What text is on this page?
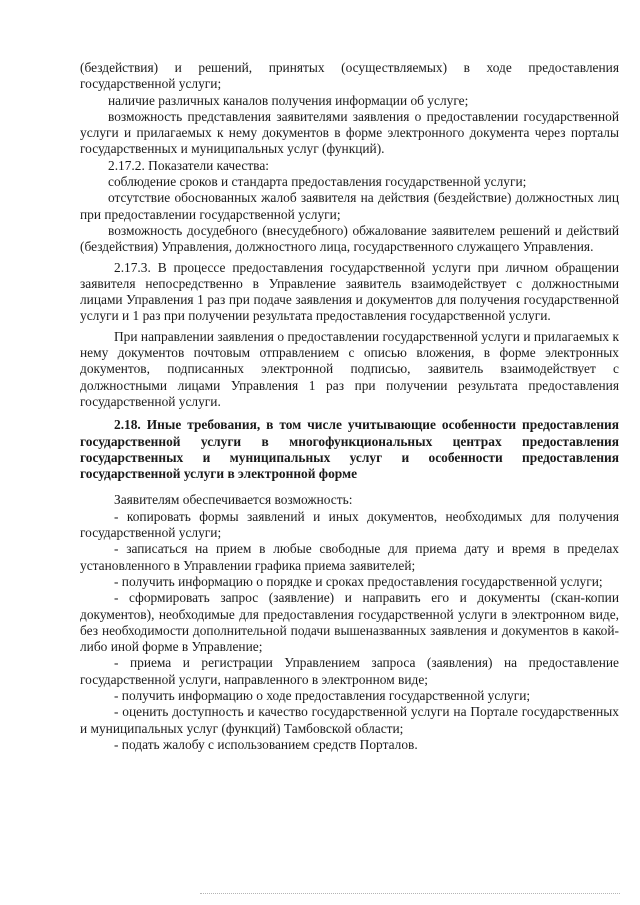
(бездействия) и решений, принятых (осуществляемых) в ходе предоставления государственной услуги;

наличие различных каналов получения информации об услуге;

возможность представления заявителями заявления о предоставлении государственной услуги и прилагаемых к нему документов в форме электронного документа через порталы государственных и муниципальных услуг (функций).

2.17.2. Показатели качества:

соблюдение сроков и стандарта предоставления государственной услуги;

отсутствие обоснованных жалоб заявителя на действия (бездействие) должностных лиц при предоставлении государственной услуги;

возможность досудебного (внесудебного) обжалование заявителем решений и действий (бездействия) Управления, должностного лица, государственного служащего Управления.

2.17.3. В процессе предоставления государственной услуги при личном обращении заявителя непосредственно в Управление заявитель взаимодействует с должностными лицами Управления 1 раз при подаче заявления и документов для получения государственной услуги и 1 раз при получении результата предоставления государственной услуги.

При направлении заявления о предоставлении государственной услуги и прилагаемых к нему документов почтовым отправлением с описью вложения, в форме электронных документов, подписанных электронной подписью, заявитель взаимодействует с должностными лицами Управления 1 раз при получении результата предоставления государственной услуги.

2.18. Иные требования, в том числе учитывающие особенности предоставления государственной услуги в многофункциональных центрах предоставления государственных и муниципальных услуг и особенности предоставления государственной услуги в электронной форме

Заявителям обеспечивается возможность:

- копировать формы заявлений и иных документов, необходимых для получения государственной услуги;

- записаться на прием в любые свободные для приема дату и время в пределах установленного в Управлении графика приема заявителей;

- получить информацию о порядке и сроках предоставления государственной услуги;

- сформировать запрос (заявление) и направить его и документы (скан-копии документов), необходимые для предоставления государственной услуги в электронном виде, без необходимости дополнительной подачи вышеназванных заявления и документов в какой-либо иной форме в Управление;

- приема и регистрации Управлением запроса (заявления) на предоставление государственной услуги, направленного в электронном виде;

- получить информацию о ходе предоставления государственной услуги;

- оценить доступность и качество государственной услуги на Портале государственных и муниципальных услуг (функций) Тамбовской области;

- подать жалобу с использованием средств Порталов.
